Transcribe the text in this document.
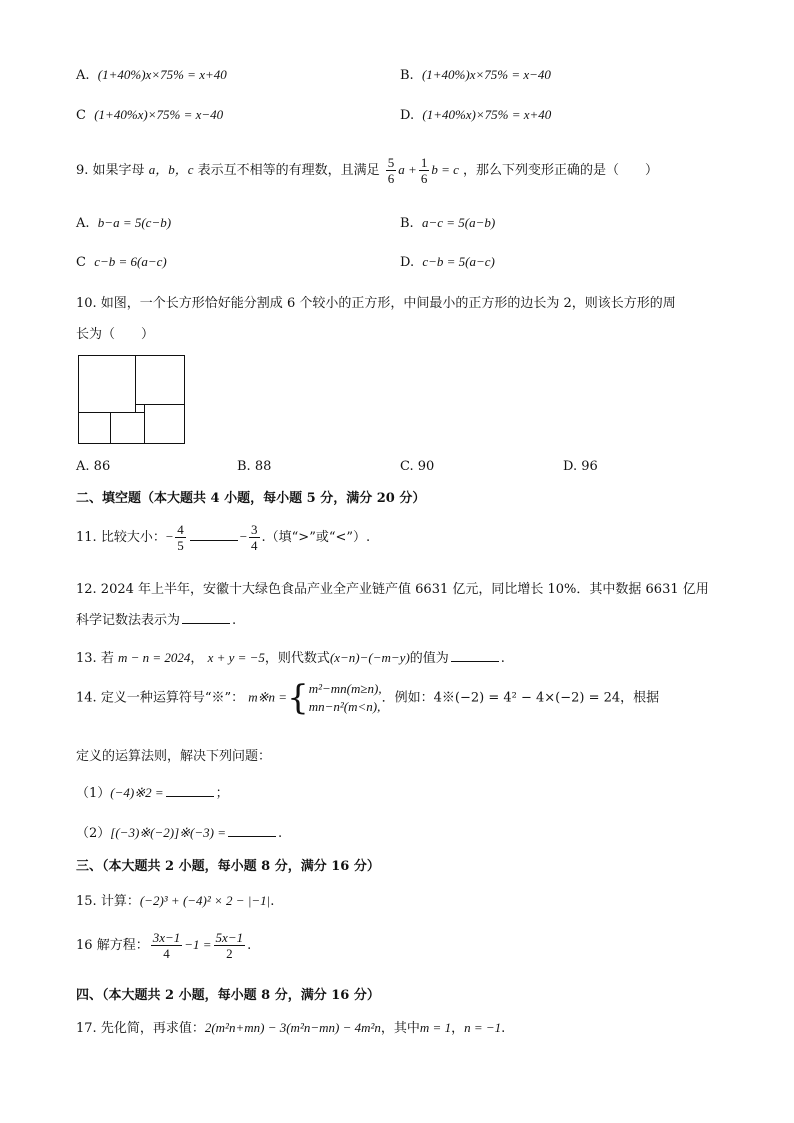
A. (1+40%)x×75% = x+40	B. (1+40%)x×75% = x−40
C (1+40%x)×75% = x−40	D. (1+40%x)×75% = x+40
9. 如果字母 a，b，c 表示互不相等的有理数，且满足 $\frac{5}{6}$ $a + \frac{1}{6}$ b = c ，那么下列变形正确的是（　　）
A. b−a = 5(c−b)	B. a−c = 5(a−b)
C c−b = 6(a−c)	D. c−b = 5(a−c)
10. 如图，一个长方形恰好能分割成 6 个较小的正方形，中间最小的正方形的边长为 2，则该长方形的周
长为（　　）
A. 86	B. 88	C. 90	D. 96
二、填空题（本大题共 4 小题，每小题 5 分，满分 20 分）
11. 比较大小：− $\frac{4}{5}$	− $\frac{3}{4}$ .（填“>”或“<”）.
12. 2024 年上半年，安徽十大绿色食品产业全产业链产值 6631 亿元，同比增长 10%．其中数据 6631 亿用
科学记数法表示为	.
13. 若 m − n = 2024， x + y = −5，则代数式(x−n)−(−m−y)的值为	.
14. 定义一种运算符号“※”： m※n ={ m²−mn(m≥n),
mn−n²(m<n),
．例如：4※(−2) = 4² − 4×(−2) = 24，根据
定义的运算法则，解决下列问题：
（1）(−4)※2 =	；
（2）[(−3)※(−2)]※(−3) =	.
三、（本大题共 2 小题，每小题 8 分，满分 16 分）
15. 计算：(−2)³ + (−4)² × 2 − |−1|.
16 解方程： $\frac{3x-1}{4} -1 = \frac{5x-1}{2}$ .
四、（本大题共 2 小题，每小题 8 分，满分 16 分）
17. 先化简，再求值：2(m²n+mn) − 3(m²n−mn) − 4m²n，其中m = 1，n = −1.
